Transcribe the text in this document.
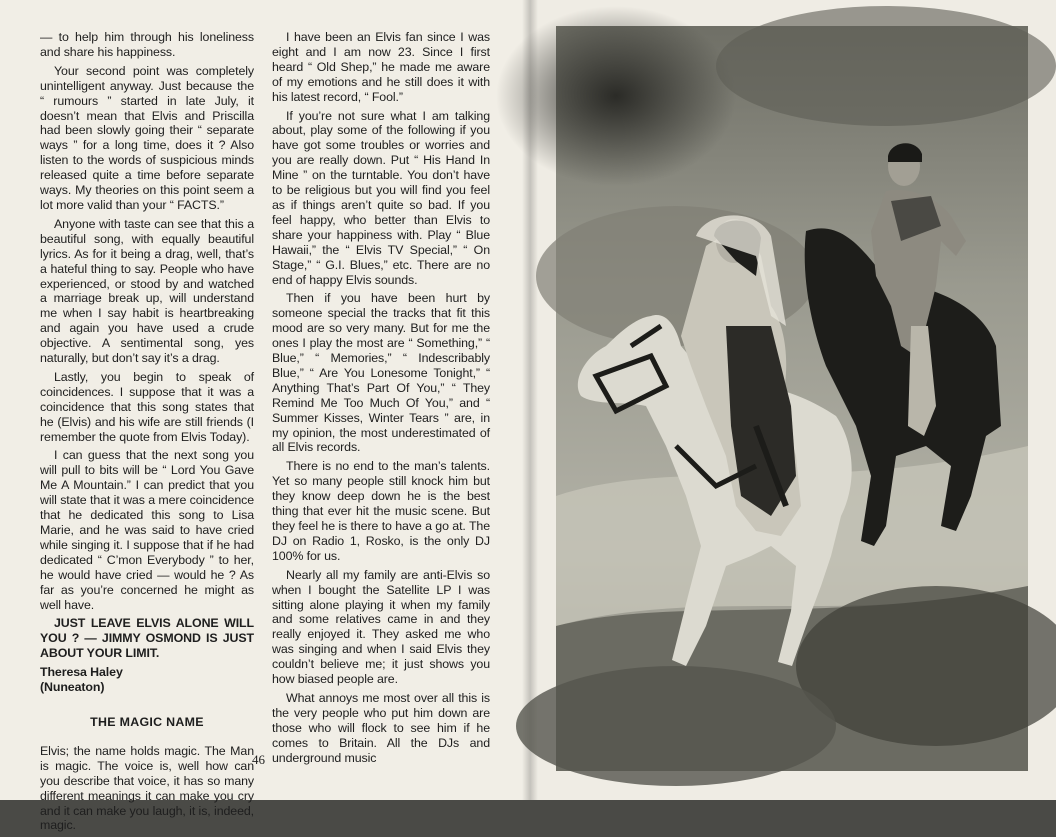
— to help him through his loneliness and share his happiness.

Your second point was completely unintelligent anyway. Just because the “ rumours ” started in late July, it doesn’t mean that Elvis and Priscilla had been slowly going their “ separate ways ” for a long time, does it ? Also listen to the words of suspicious minds released quite a time before separate ways. My theories on this point seem a lot more valid than your “ FACTS.”

Anyone with taste can see that this a beautiful song, with equally beautiful lyrics. As for it being a drag, well, that’s a hateful thing to say. People who have experienced, or stood by and watched a marriage break up, will understand me when I say habit is heartbreaking and again you have used a crude objective. A sentimental song, yes naturally, but don’t say it’s a drag.

Lastly, you begin to speak of coincidences. I suppose that it was a coincidence that this song states that he (Elvis) and his wife are still friends (I remember the quote from Elvis Today).

I can guess that the next song you will pull to bits will be “ Lord You Gave Me A Mountain.” I can predict that you will state that it was a mere coincidence that he dedicated this song to Lisa Marie, and he was said to have cried while singing it. I suppose that if he had dedicated “ C’mon Everybody ” to her, he would have cried — would he ? As far as you’re concerned he might as well have.

JUST LEAVE ELVIS ALONE WILL YOU ? — JIMMY OSMOND IS JUST ABOUT YOUR LIMIT.

Theresa Haley

(Nuneaton)

THE MAGIC NAME

Elvis; the name holds magic. The Man is magic. The voice is, well how can you describe that voice, it has so many different meanings it can make you cry and it can make you laugh, it is, indeed, magic.

I have been an Elvis fan since I was eight and I am now 23. Since I first heard “ Old Shep,” he made me aware of my emotions and he still does it with his latest record, “ Fool.”

If you’re not sure what I am talking about, play some of the following if you have got some troubles or worries and you are really down. Put “ His Hand In Mine ” on the turntable. You don’t have to be religious but you will find you feel as if things aren’t quite so bad. If you feel happy, who better than Elvis to share your happiness with. Play “ Blue Hawaii,” the “ Elvis TV Special,” “ On Stage,” “ G.I. Blues,” etc. There are no end of happy Elvis sounds.

Then if you have been hurt by someone special the tracks that fit this mood are so very many. But for me the ones I play the most are “ Something,” “ Blue,” “ Memories,” “ Indescribably Blue,” “ Are You Lonesome Tonight,” “ Anything That’s Part Of You,” “ They Remind Me Too Much Of You,” and “ Summer Kisses, Winter Tears ” are, in my opinion, the most underestimated of all Elvis records.

There is no end to the man’s talents. Yet so many people still knock him but they know deep down he is the best thing that ever hit the music scene. But they feel he is there to have a go at. The DJ on Radio 1, Rosko, is the only DJ 100% for us.

Nearly all my family are anti-Elvis so when I bought the Satellite LP I was sitting alone playing it when my family and some relatives came in and they really enjoyed it. They asked me who was singing and when I said Elvis they couldn’t believe me; it just shows you how biased people are.

What annoys me most over all this is the very people who put him down are those who will flock to see him if he comes to Britain. All the DJs and underground music

46
